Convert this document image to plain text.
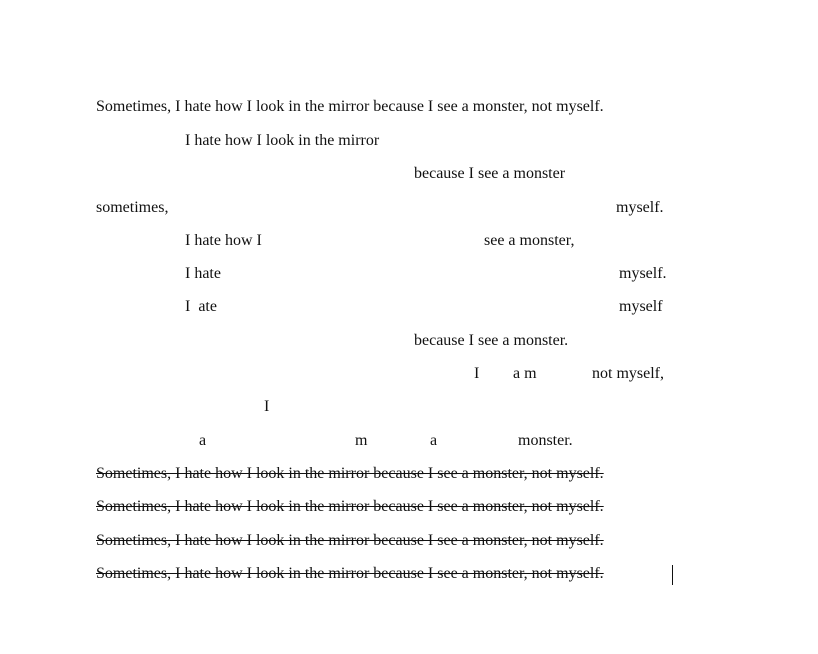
Sometimes, I hate how I look in the mirror because I see a monster, not myself.
I hate how I look in the mirror
because I see a monster
sometimes,	myself.
I hate how I	see a monster,
I hate	myself.
I  ate	myself
because I see a monster.
I a m	not myself,
I
a	m	a	monster.
Sometimes, I hate how I look in the mirror because I see a monster, not myself.
Sometimes, I hate how I look in the mirror because I see a monster, not myself.
Sometimes, I hate how I look in the mirror because I see a monster, not myself.
Sometimes, I hate how I look in the mirror because I see a monster, not myself.
